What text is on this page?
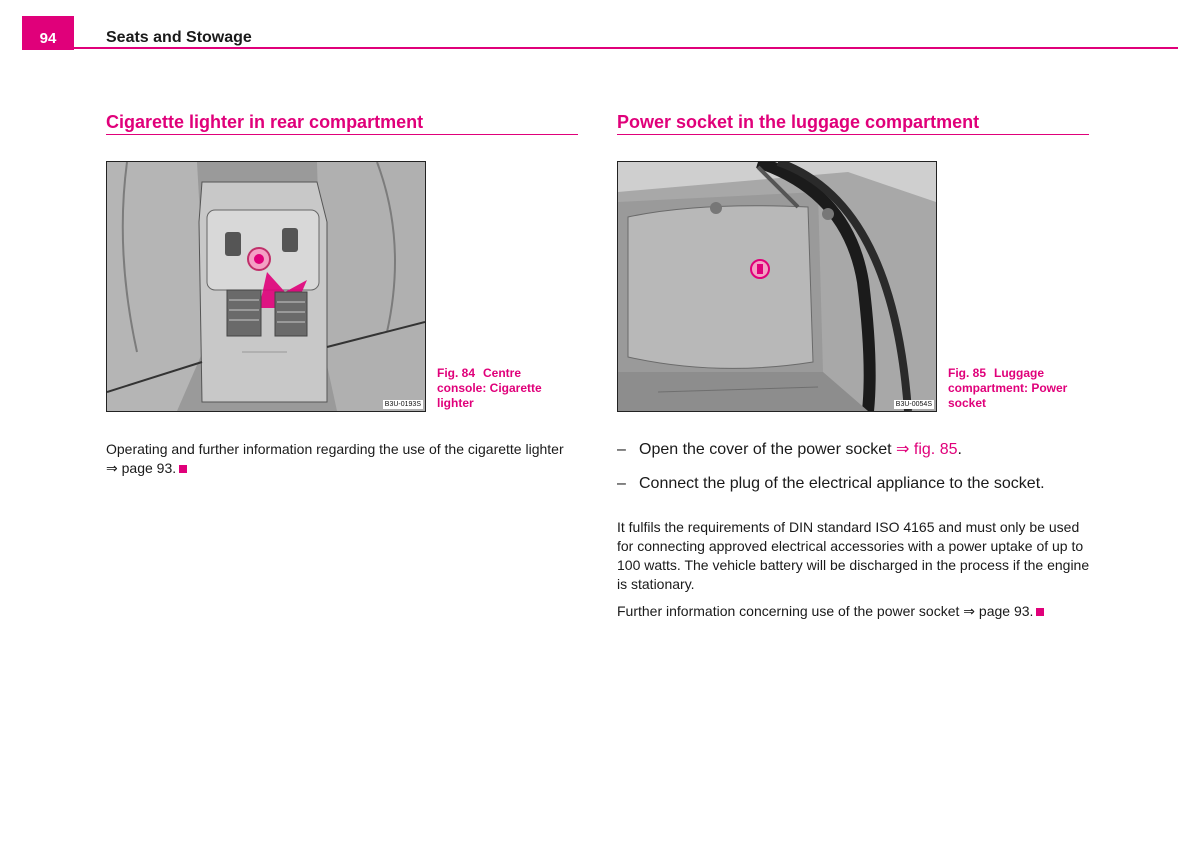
94	Seats and Stowage
Cigarette lighter in rear compartment
B3U-0193S
Fig. 84 Centre console: Cigarette lighter

Operating and further information regarding the use of the cigarette lighter
⇒ page 93.

Power socket in the luggage compartment
B3U-0054S
Fig. 85 Luggage compartment: Power socket
– Open the cover of the power socket ⇒ fig. 85.
– Connect the plug of the electrical appliance to the socket.

It fulfils the requirements of DIN standard ISO 4165 and must only be used for connecting approved electrical accessories with a power uptake of up to 100 watts. The vehicle battery will be discharged in the process if the engine is stationary.

Further information concerning use of the power socket ⇒ page 93.
